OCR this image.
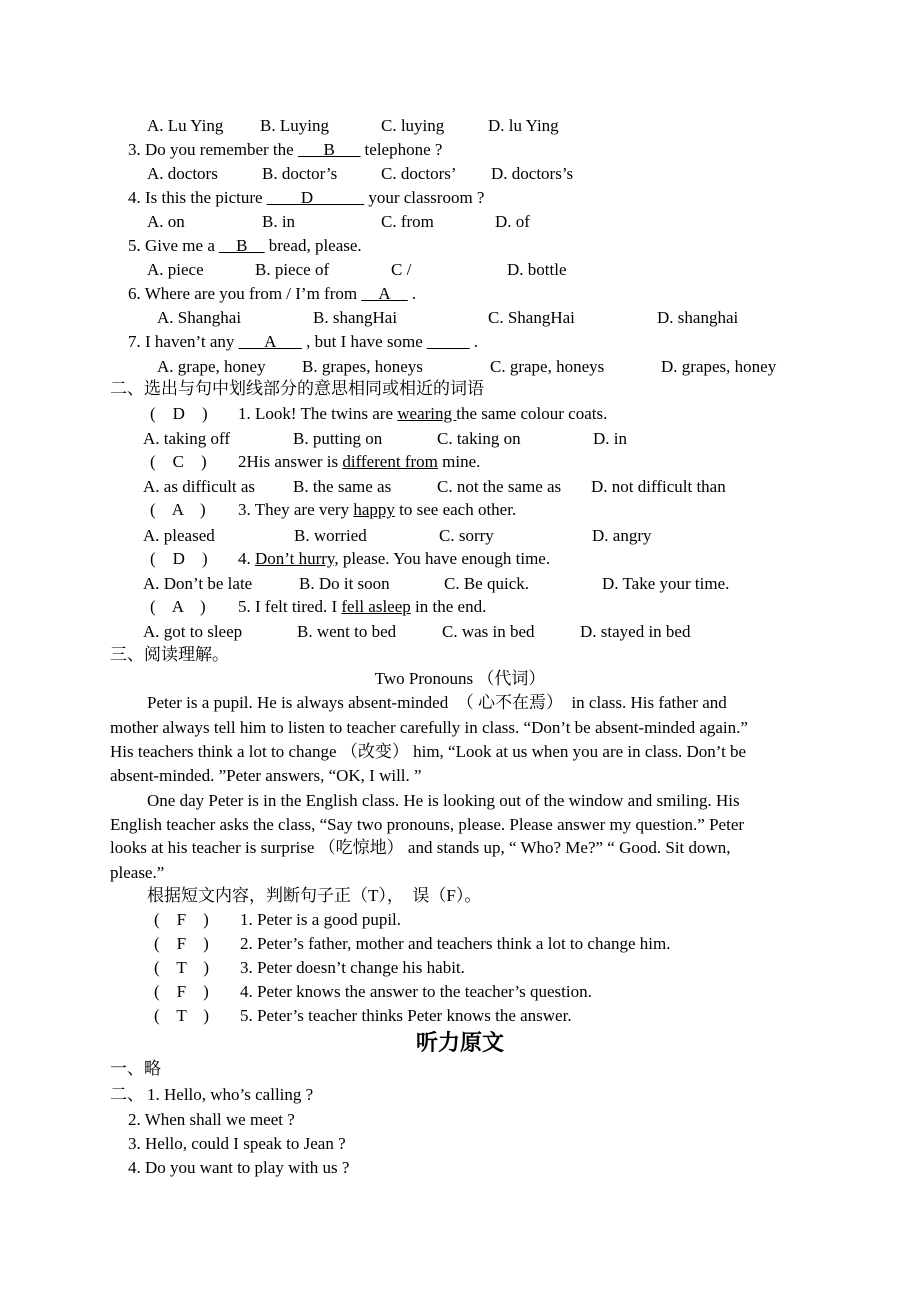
A. Lu Ying B. Luying	C. luying	D. lu Ying
3. Do you remember the ___B___ telephone ?
A. doctors	B. doctor’s	C. doctors’ D. doctors’s
4. Is this the picture ____D______ your classroom ?
A. on	B. in	C. from	D. of
5. Give me a __B__ bread, please.
A. piece	B. piece of	C /	D. bottle
6. Where are you from / I’m from __A__ .
A. Shanghai	B. shangHai	C. ShangHai	D. shanghai
7. I haven’t any ___A___ , but I have some _____ .
A. grape, honey B. grapes, honeys	C. grape, honeys	D. grapes, honey
二、选出与句中划线部分的意思相同或相近的词语
(    D    ) 1. Look! The twins are wearing the same colour coats.
A. taking off	B. putting on	C. taking on	D. in
(    C    ) 2His answer is different from mine.
A. as difficult as B. the same as	C. not the same as D. not difficult than
(    A    ) 3. They are very happy to see each other.
A. pleased	B. worried	C. sorry	D. angry
(    D    ) 4. Don’t hurry, please. You have enough time.
A. Don’t be late	B. Do it soon	C. Be quick.	D. Take your time.
(    A    ) 5. I felt tired. I fell asleep in the end.
A. got to sleep	B. went to bed	C. was in bed	D. stayed in bed
三、阅读理解。
Two Pronouns （代词）
Peter is a pupil. He is always absent-minded  （ 心不在焉）  in class. His father and
mother always tell him to listen to teacher carefully in class. “Don’t be absent-minded again.”
His teachers think a lot to change （改变） him, “Look at us when you are in class. Don’t be
absent-minded. ”Peter answers, “OK, I will. ”
One day Peter is in the English class. He is looking out of the window and smiling. His
English teacher asks the class, “Say two pronouns, please. Please answer my question.” Peter
looks at his teacher is surprise （吃惊地） and stands up, “ Who? Me?” “ Good. Sit down,
please.”
根据短文内容，判断句子正（T），  误（F）。
(    F    ) 1. Peter is a good pupil.
(    F    ) 2. Peter’s father, mother and teachers think a lot to change him.
(    T    ) 3. Peter doesn’t change his habit.
(    F    ) 4. Peter knows the answer to the teacher’s question.
(    T    ) 5. Peter’s teacher thinks Peter knows the answer.
听力原文
一、略
二、 1. Hello, who’s calling ?
2. When shall we meet ?
3. Hello, could I speak to Jean ?
4. Do you want to play with us ?
